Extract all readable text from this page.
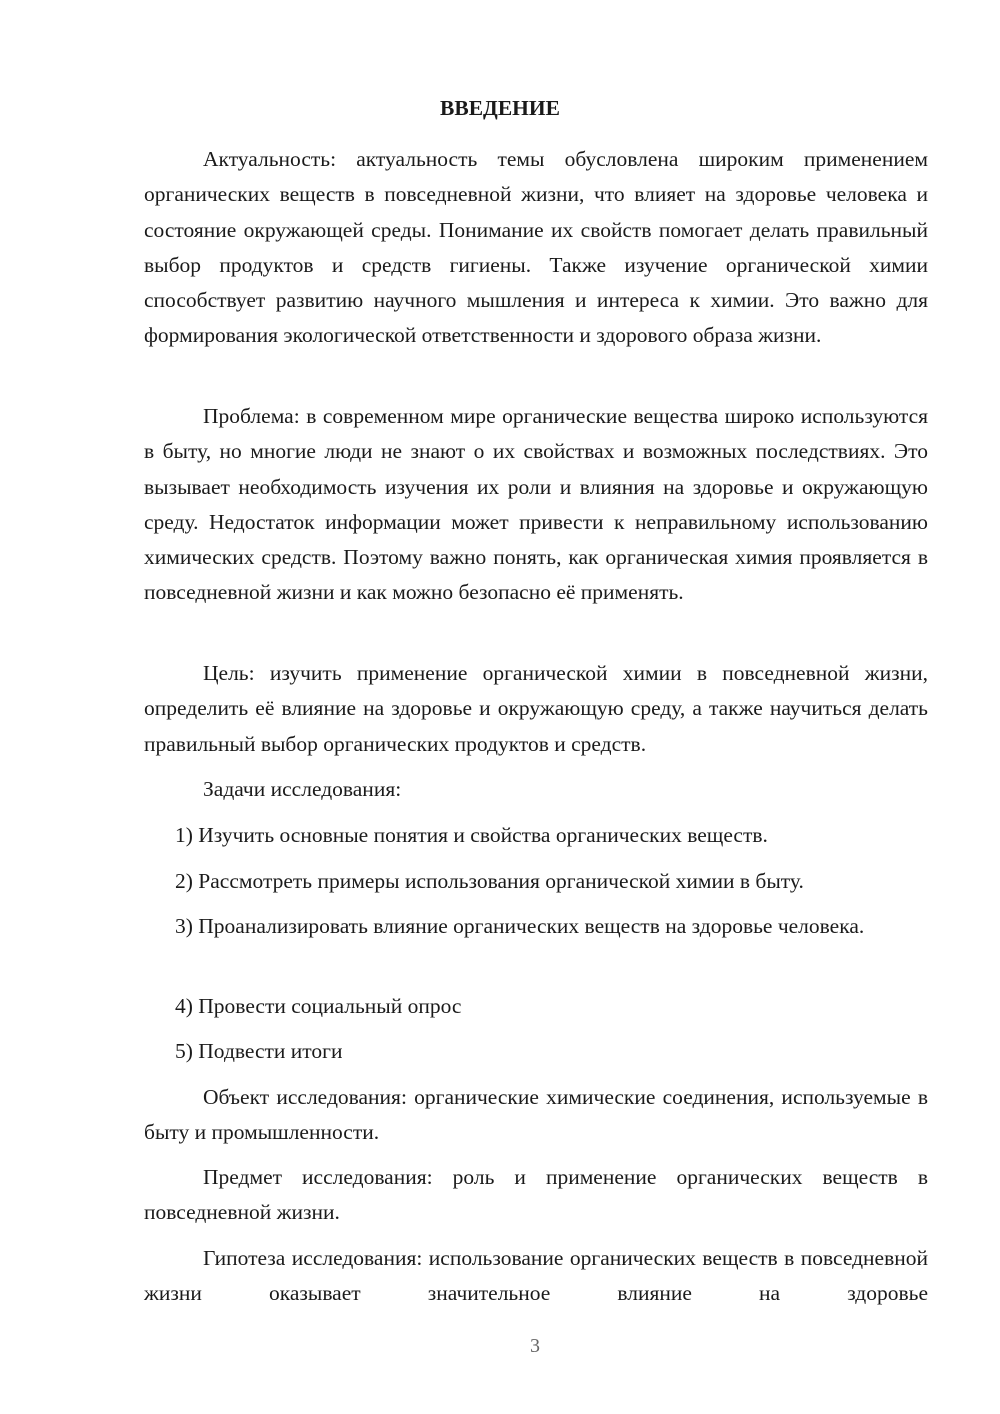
ВВЕДЕНИЕ

Актуальность: актуальность темы обусловлена широким применением органических веществ в повседневной жизни, что влияет на здоровье человека и состояние окружающей среды. Понимание их свойств помогает делать правильный выбор продуктов и средств гигиены. Также изучение органической химии способствует развитию научного мышления и интереса к химии. Это важно для формирования экологической ответственности и здорового образа жизни.

Проблема: в современном мире органические вещества широко используются в быту, но многие люди не знают о их свойствах и возможных последствиях. Это вызывает необходимость изучения их роли и влияния на здоровье и окружающую среду. Недостаток информации может привести к неправильному использованию химических средств. Поэтому важно понять, как органическая химия проявляется в повседневной жизни и как можно безопасно её применять.

Цель: изучить применение органической химии в повседневной жизни, определить её влияние на здоровье и окружающую среду, а также научиться делать правильный выбор органических продуктов и средств.

Задачи исследования:

1) Изучить основные понятия и свойства органических веществ.

2) Рассмотреть примеры использования органической химии в быту.

3) Проанализировать влияние органических веществ на здоровье человека.

4) Провести социальный опрос

5) Подвести итоги

Объект исследования: органические химические соединения, используемые в быту и промышленности.

Предмет исследования: роль и применение органических веществ в повседневной жизни.

Гипотеза исследования: использование органических веществ в повседневной жизни оказывает значительное влияние на здоровье

3
